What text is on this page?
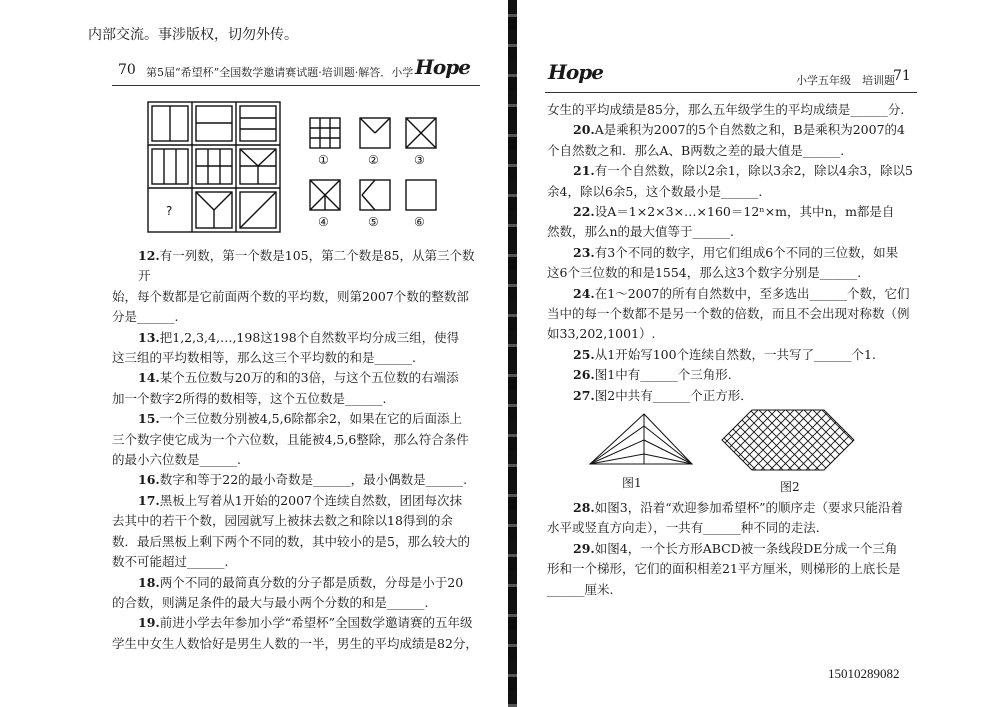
内部交流。事涉版权，切勿外传。
70 第5届“希望杯”全国数学邀请赛试题·培训题·解答．小学 Hope
?
①	②	③
④	⑤	⑥

12.有一列数，第一个数是105，第二个数是85，从第三个数开

始，每个数都是它前面两个数的平均数，则第2007个数的整数部

分是______.

13.把1,2,3,4,…,198这198个自然数平均分成三组，使得

这三组的平均数相等，那么这三个平均数的和是______.

14.某个五位数与20万的和的3倍，与这个五位数的右端添

加一个数字2所得的数相等，这个五位数是______.

15.一个三位数分别被4,5,6除都余2，如果在它的后面添上

三个数字使它成为一个六位数，且能被4,5,6整除，那么符合条件

的最小六位数是______.

16.数字和等于22的最小奇数是______，最小偶数是______.

17.黑板上写着从1开始的2007个连续自然数，团团每次抹

去其中的若干个数，园园就写上被抹去数之和除以18得到的余

数．最后黑板上剩下两个不同的数，其中较小的是5，那么较大的

数不可能超过______.

18.两个不同的最简真分数的分子都是质数，分母是小于20

的合数，则满足条件的最大与最小两个分数的和是______.

19.前进小学去年参加小学“希望杯”全国数学邀请赛的五年级

学生中女生人数恰好是男生人数的一半，男生的平均成绩是82分，

Hope	小学五年级　培训题
71

女生的平均成绩是85分，那么五年级学生的平均成绩是______分.

20.A是乘积为2007的5个自然数之和，B是乘积为2007的4

个自然数之和．那么A、B两数之差的最大值是______.

21.有一个自然数，除以2余1，除以3余2，除以4余3，除以5

余4，除以6余5，这个数最小是______.

22.设A＝1×2×3×…×160＝12ⁿ×m，其中n，m都是自

然数，那么n的最大值等于______.

23.有3个不同的数字，用它们组成6个不同的三位数，如果

这6个三位数的和是1554，那么这3个数字分别是______.

24.在1～2007的所有自然数中，至多选出______个数，它们

当中的每一个数都不是另一个数的倍数，而且不会出现对称数（例

如33,202,1001）.

25.从1开始写100个连续自然数，一共写了______个1.

26.图1中有______个三角形.

27.图2中共有______个正方形．

图1	图2

28.如图3，沿着“欢迎参加希望杯”的顺序走（要求只能沿着

水平或竖直方向走），一共有______种不同的走法.

29.如图4，一个长方形ABCD被一条线段DE分成一个三角

形和一个梯形，它们的面积相差21平方厘米，则梯形的上底长是

______厘米.

15010289082
